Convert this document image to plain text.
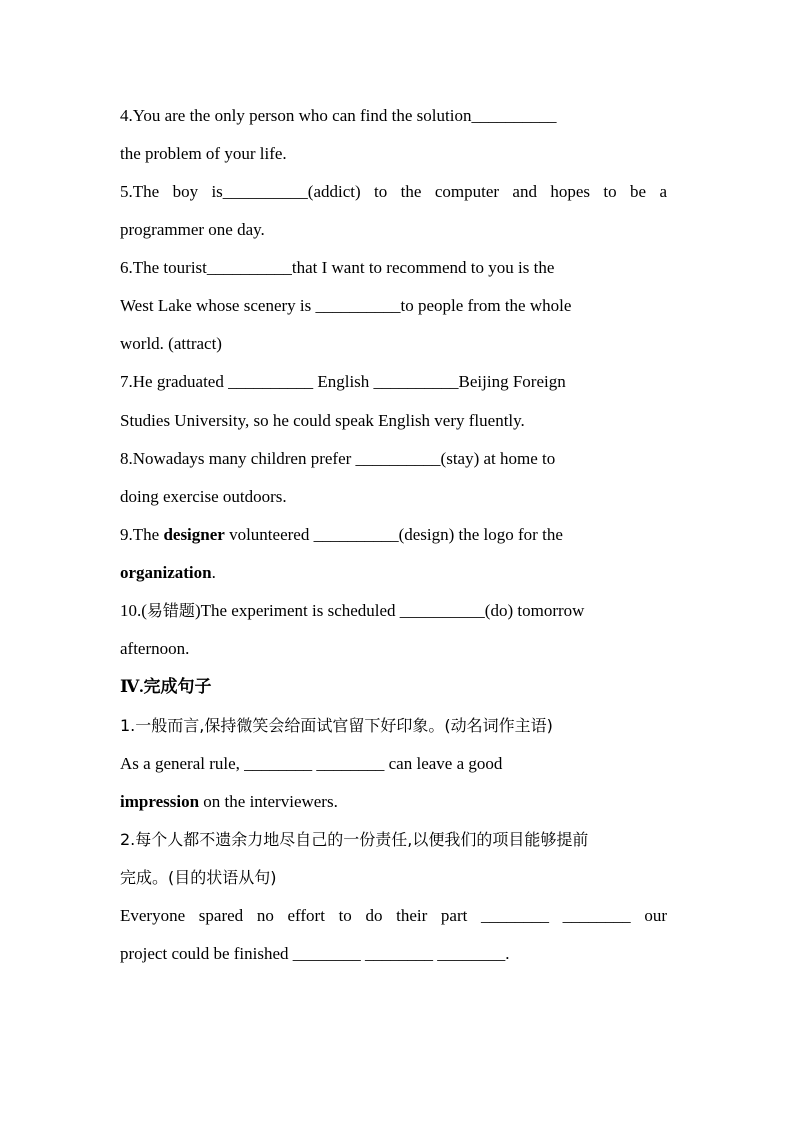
4.You are the only person who can find the solution__________
the problem of your life.
5.The boy is__________(addict) to the computer and hopes to be a
programmer one day.
6.The tourist__________that I want to recommend to you is the
West Lake whose scenery is __________to people from the whole
world. (attract)
7.He graduated __________ English __________Beijing Foreign
Studies University, so he could speak English very fluently.
8.Nowadays many children prefer __________(stay) at home to
doing exercise outdoors.
9.The designer volunteered __________(design) the logo for the
organization.
10.(易错题)The experiment is scheduled __________(do) tomorrow
afternoon.
Ⅳ.完成句子
1.一般而言,保持微笑会给面试官留下好印象。(动名词作主语)
As a general rule, ________ ________ can leave a good
impression on the interviewers.
2.每个人都不遗余力地尽自己的一份责任,以便我们的项目能够提前
完成。(目的状语从句)
Everyone spared no effort to do their part ________ ________ our
project could be finished ________ ________ ________.
